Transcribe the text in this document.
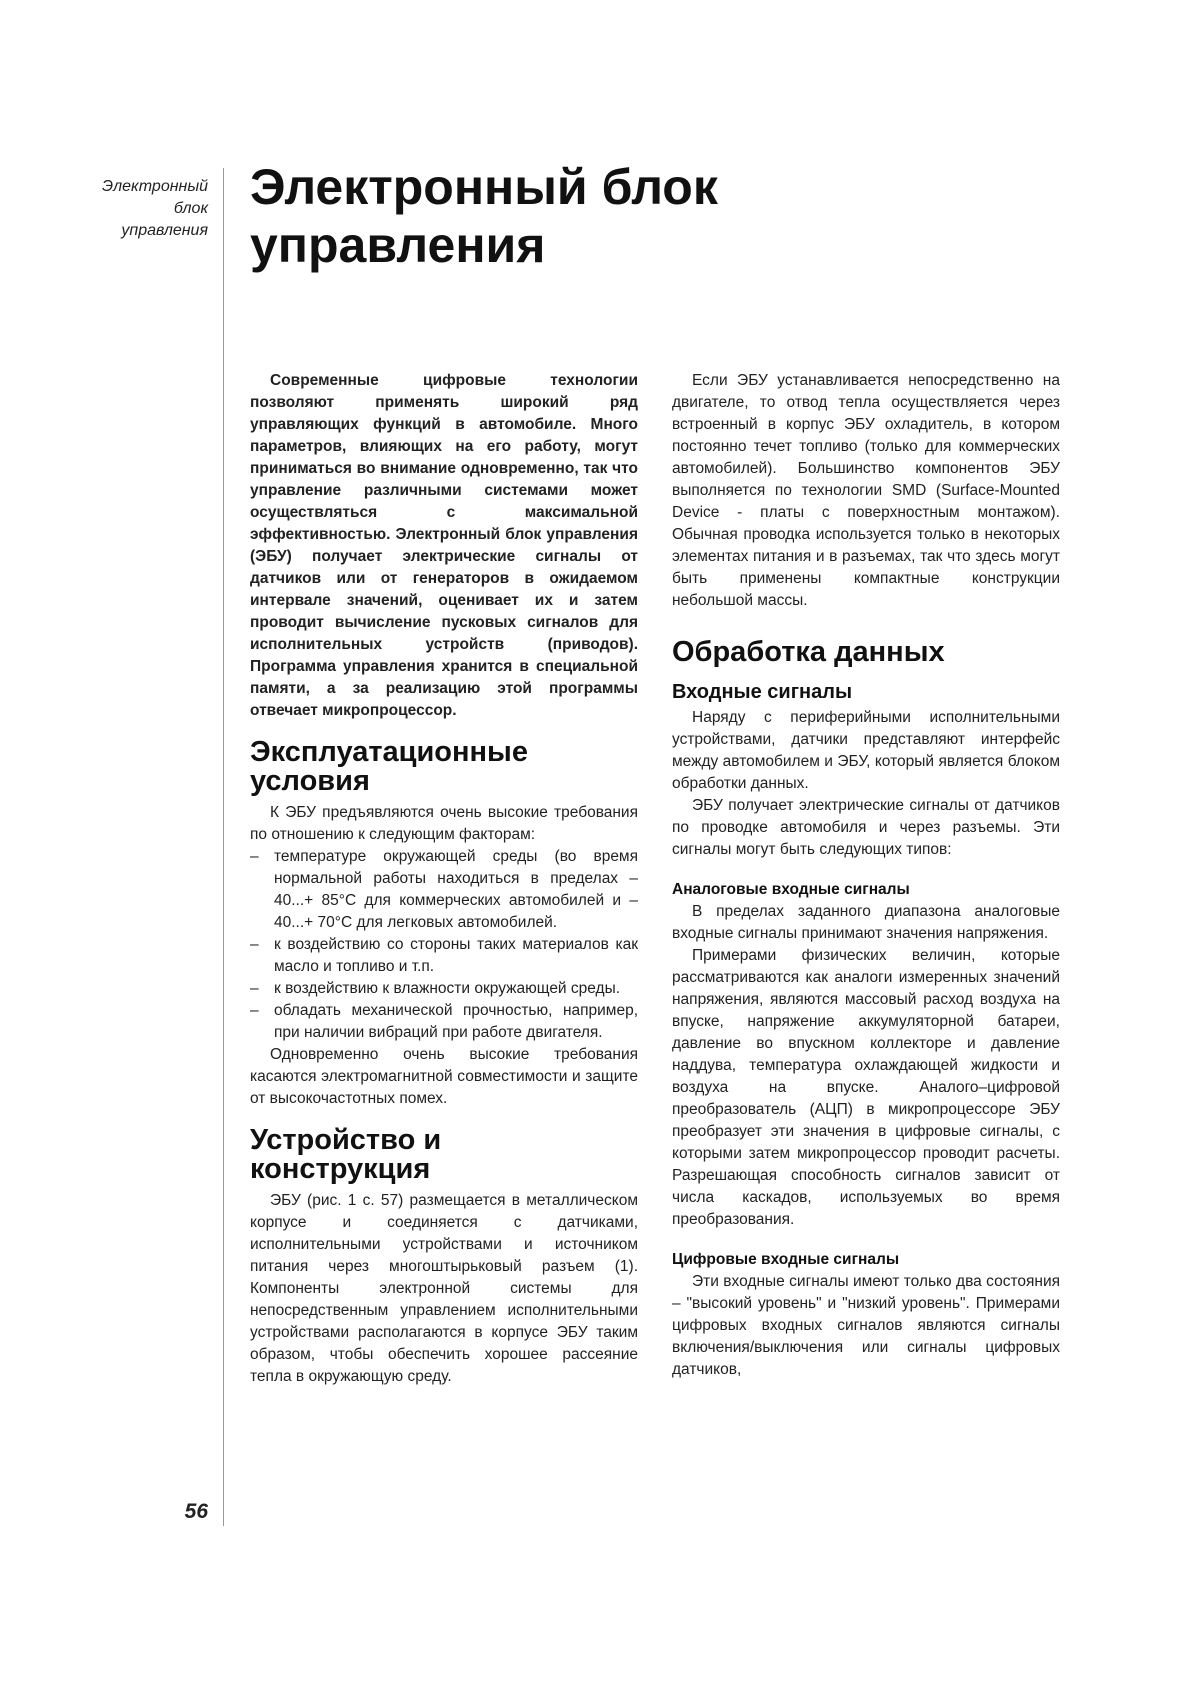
Электронный
блок
управления
56
Электронный блок
управления

Современные цифровые технологии позволяют применять широкий ряд управляющих функций в автомобиле. Много параметров, влияющих на его работу, могут приниматься во внимание одновременно, так что управление различными системами может осуществляться с максимальной эффективностью. Электронный блок управления (ЭБУ) получает электрические сигналы от датчиков или от генераторов в ожидаемом интервале значений, оценивает их и затем проводит вычисление пусковых сигналов для исполнительных устройств (приводов). Программа управления хранится в специальной памяти, а за реализацию этой программы отвечает микропроцессор.

Эксплуатационные
условия

К ЭБУ предъявляются очень высокие требования по отношению к следующим факторам:

– температуре окружающей среды (во время нормальной работы находиться в пределах – 40...+ 85°С для коммерческих автомобилей и – 40...+ 70°С для легковых автомобилей.
– к воздействию со стороны таких материалов как масло и топливо и т.п.
– к воздействию к влажности окружающей среды.
– обладать механической прочностью, например, при наличии вибраций при работе двигателя.

Одновременно очень высокие требования касаются электромагнитной совместимости и защите от высокочастотных помех.

Устройство и
конструкция

ЭБУ (рис. 1 с. 57) размещается в металлическом корпусе и соединяется с датчиками, исполнительными устройствами и источником питания через многоштырьковый разъем (1). Компоненты электронной системы для непосредственным управлением исполнительными устройствами располагаются в корпусе ЭБУ таким образом, чтобы обеспечить хорошее рассеяние тепла в окружающую среду.

Если ЭБУ устанавливается непосредственно на двигателе, то отвод тепла осуществляется через встроенный в корпус ЭБУ охладитель, в котором постоянно течет топливо (только для коммерческих автомобилей). Большинство компонентов ЭБУ выполняется по технологии SMD (Surface-Mounted Device - платы с поверхностным монтажом). Обычная проводка используется только в некоторых элементах питания и в разъемах, так что здесь могут быть применены компактные конструкции небольшой массы.

Обработка данных
Входные сигналы

Наряду с периферийными исполнительными устройствами, датчики представляют интерфейс между автомобилем и ЭБУ, который является блоком обработки данных.

ЭБУ получает электрические сигналы от датчиков по проводке автомобиля и через разъемы. Эти сигналы могут быть следующих типов:

Аналоговые входные сигналы

В пределах заданного диапазона аналоговые входные сигналы принимают значения напряжения.

Примерами физических величин, которые рассматриваются как аналоги измеренных значений напряжения, являются массовый расход воздуха на впуске, напряжение аккумуляторной батареи, давление во впускном коллекторе и давление наддува, температура охлаждающей жидкости и воздуха на впуске. Аналого–цифровой преобразователь (АЦП) в микропроцессоре ЭБУ преобразует эти значения в цифровые сигналы, с которыми затем микропроцессор проводит расчеты. Разрешающая способность сигналов зависит от числа каскадов, используемых во время преобразования.

Цифровые входные сигналы

Эти входные сигналы имеют только два состояния – "высокий уровень" и "низкий уровень". Примерами цифровых входных сигналов являются сигналы включения/выключения или сигналы цифровых датчиков,
